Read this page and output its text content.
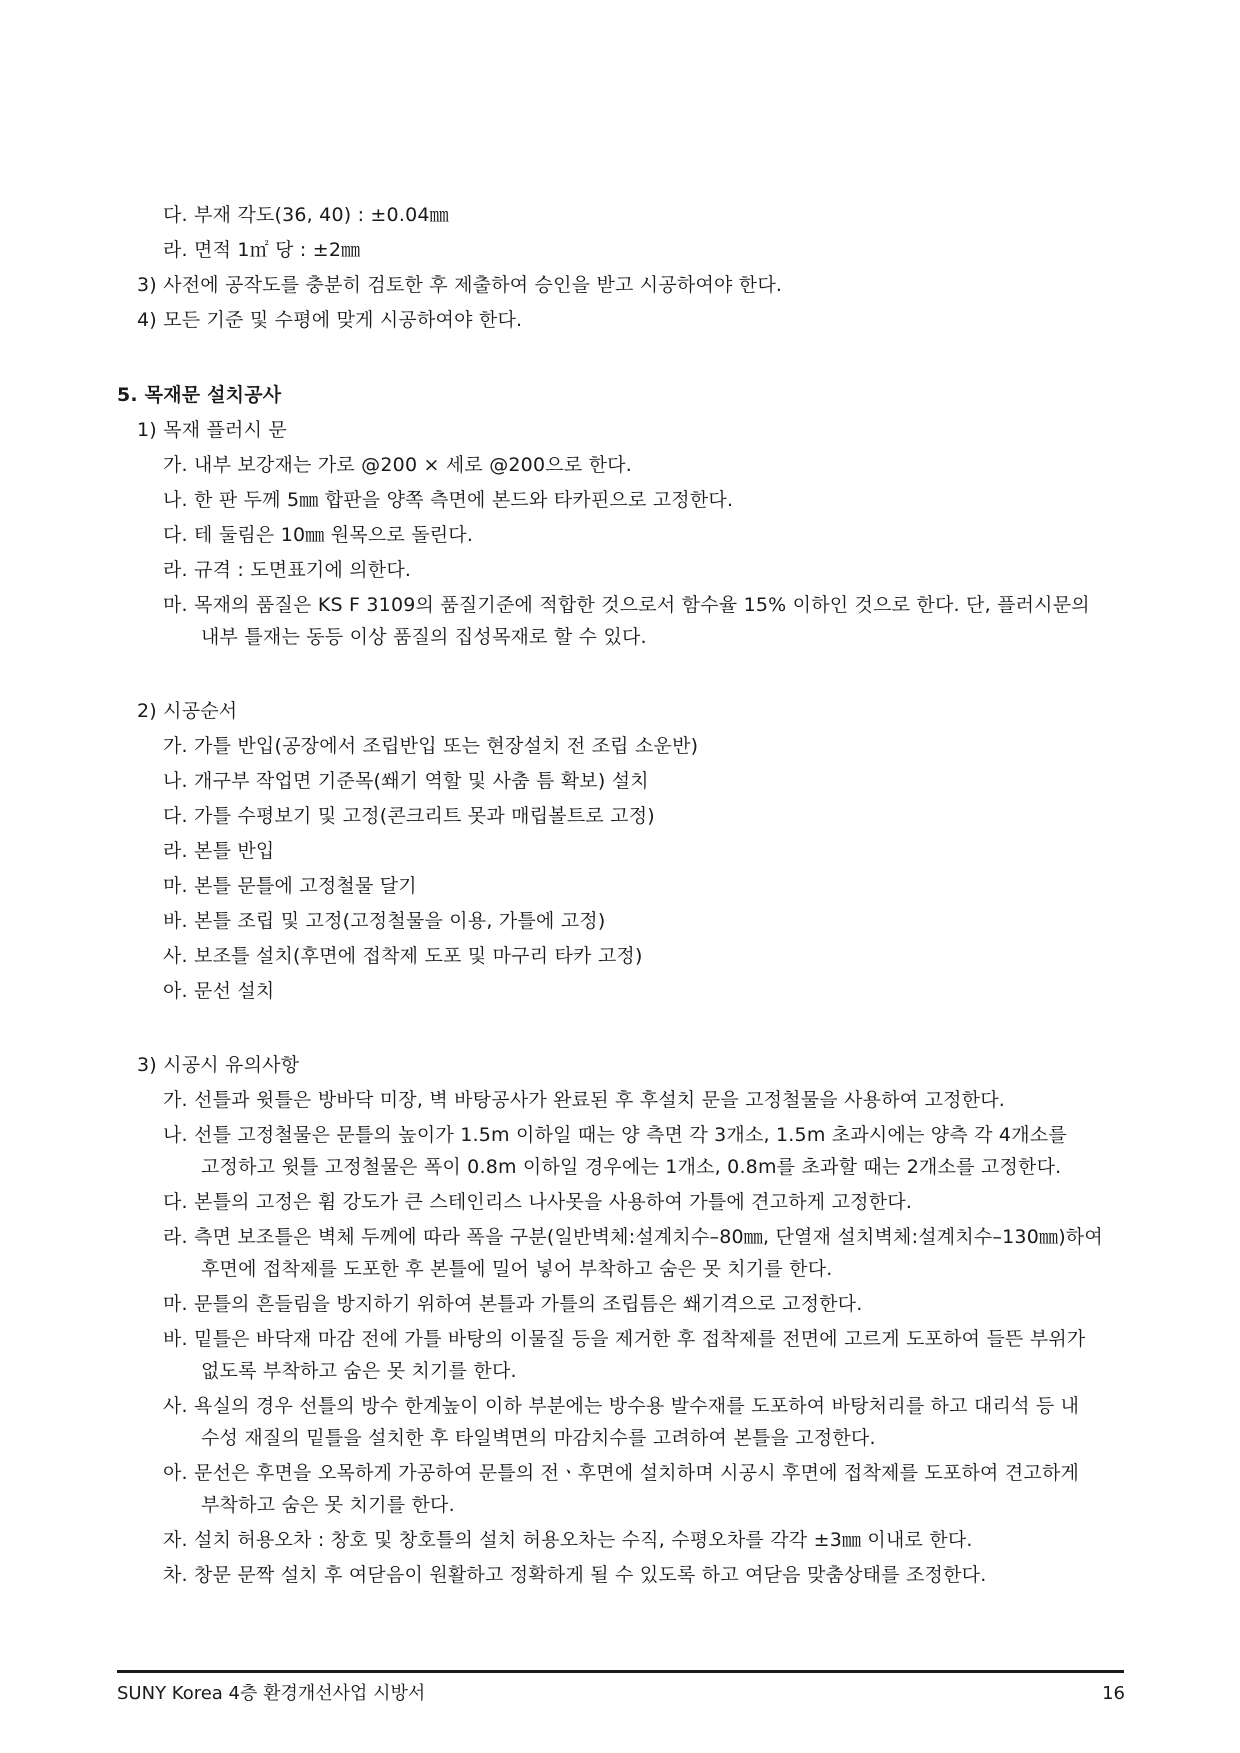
다. 부재 각도(36, 40) : ±0.04㎜
라. 면적 1㎡ 당 : ±2㎜
3) 사전에 공작도를 충분히 검토한 후 제출하여 승인을 받고 시공하여야 한다.
4) 모든 기준 및 수평에 맞게 시공하여야 한다.
5. 목재문 설치공사
1) 목재 플러시 문
가. 내부 보강재는 가로 @200 × 세로 @200으로 한다.
나. 한 판 두께 5㎜ 합판을 양쪽 측면에 본드와 타카핀으로 고정한다.
다. 테 둘림은 10㎜ 원목으로 돌린다.
라. 규격 : 도면표기에 의한다.
마. 목재의 품질은 KS F 3109의 품질기준에 적합한 것으로서 함수율 15% 이하인 것으로 한다. 단, 플러시문의
내부 틀재는 동등 이상 품질의 집성목재로 할 수 있다.
2) 시공순서
가. 가틀 반입(공장에서 조립반입 또는 현장설치 전 조립 소운반)
나. 개구부 작업면 기준목(쐐기 역할 및 사춤 틈 확보) 설치
다. 가틀 수평보기 및 고정(콘크리트 못과 매립볼트로 고정)
라. 본틀 반입
마. 본틀 문틀에 고정철물 달기
바. 본틀 조립 및 고정(고정철물을 이용, 가틀에 고정)
사. 보조틀 설치(후면에 접착제 도포 및 마구리 타카 고정)
아. 문선 설치
3) 시공시 유의사항
가. 선틀과 윗틀은 방바닥 미장, 벽 바탕공사가 완료된 후 후설치 문을 고정철물을 사용하여 고정한다.
나. 선틀 고정철물은 문틀의 높이가 1.5m 이하일 때는 양 측면 각 3개소, 1.5m 초과시에는 양측 각 4개소를
고정하고 윗틀 고정철물은 폭이 0.8m 이하일 경우에는 1개소, 0.8m를 초과할 때는 2개소를 고정한다.
다. 본틀의 고정은 휨 강도가 큰 스테인리스 나사못을 사용하여 가틀에 견고하게 고정한다.
라. 측면 보조틀은 벽체 두께에 따라 폭을 구분(일반벽체:설계치수–80㎜, 단열재 설치벽체:설계치수–130㎜)하여
후면에 접착제를 도포한 후 본틀에 밀어 넣어 부착하고 숨은 못 치기를 한다.
마. 문틀의 흔들림을 방지하기 위하여 본틀과 가틀의 조립틈은 쐐기격으로 고정한다.
바. 밑틀은 바닥재 마감 전에 가틀 바탕의 이물질 등을 제거한 후 접착제를 전면에 고르게 도포하여 들뜬 부위가
없도록 부착하고 숨은 못 치기를 한다.
사. 욕실의 경우 선틀의 방수 한계높이 이하 부분에는 방수용 발수재를 도포하여 바탕처리를 하고 대리석 등 내
수성 재질의 밑틀을 설치한 후 타일벽면의 마감치수를 고려하여 본틀을 고정한다.
아. 문선은 후면을 오목하게 가공하여 문틀의 전ㆍ후면에 설치하며 시공시 후면에 접착제를 도포하여 견고하게
부착하고 숨은 못 치기를 한다.
자. 설치 허용오차 : 창호 및 창호틀의 설치 허용오차는 수직, 수평오차를 각각 ±3㎜ 이내로 한다.
차. 창문 문짝 설치 후 여닫음이 원활하고 정확하게 될 수 있도록 하고 여닫음 맞춤상태를 조정한다.
SUNY Korea 4층 환경개선사업 시방서	16
